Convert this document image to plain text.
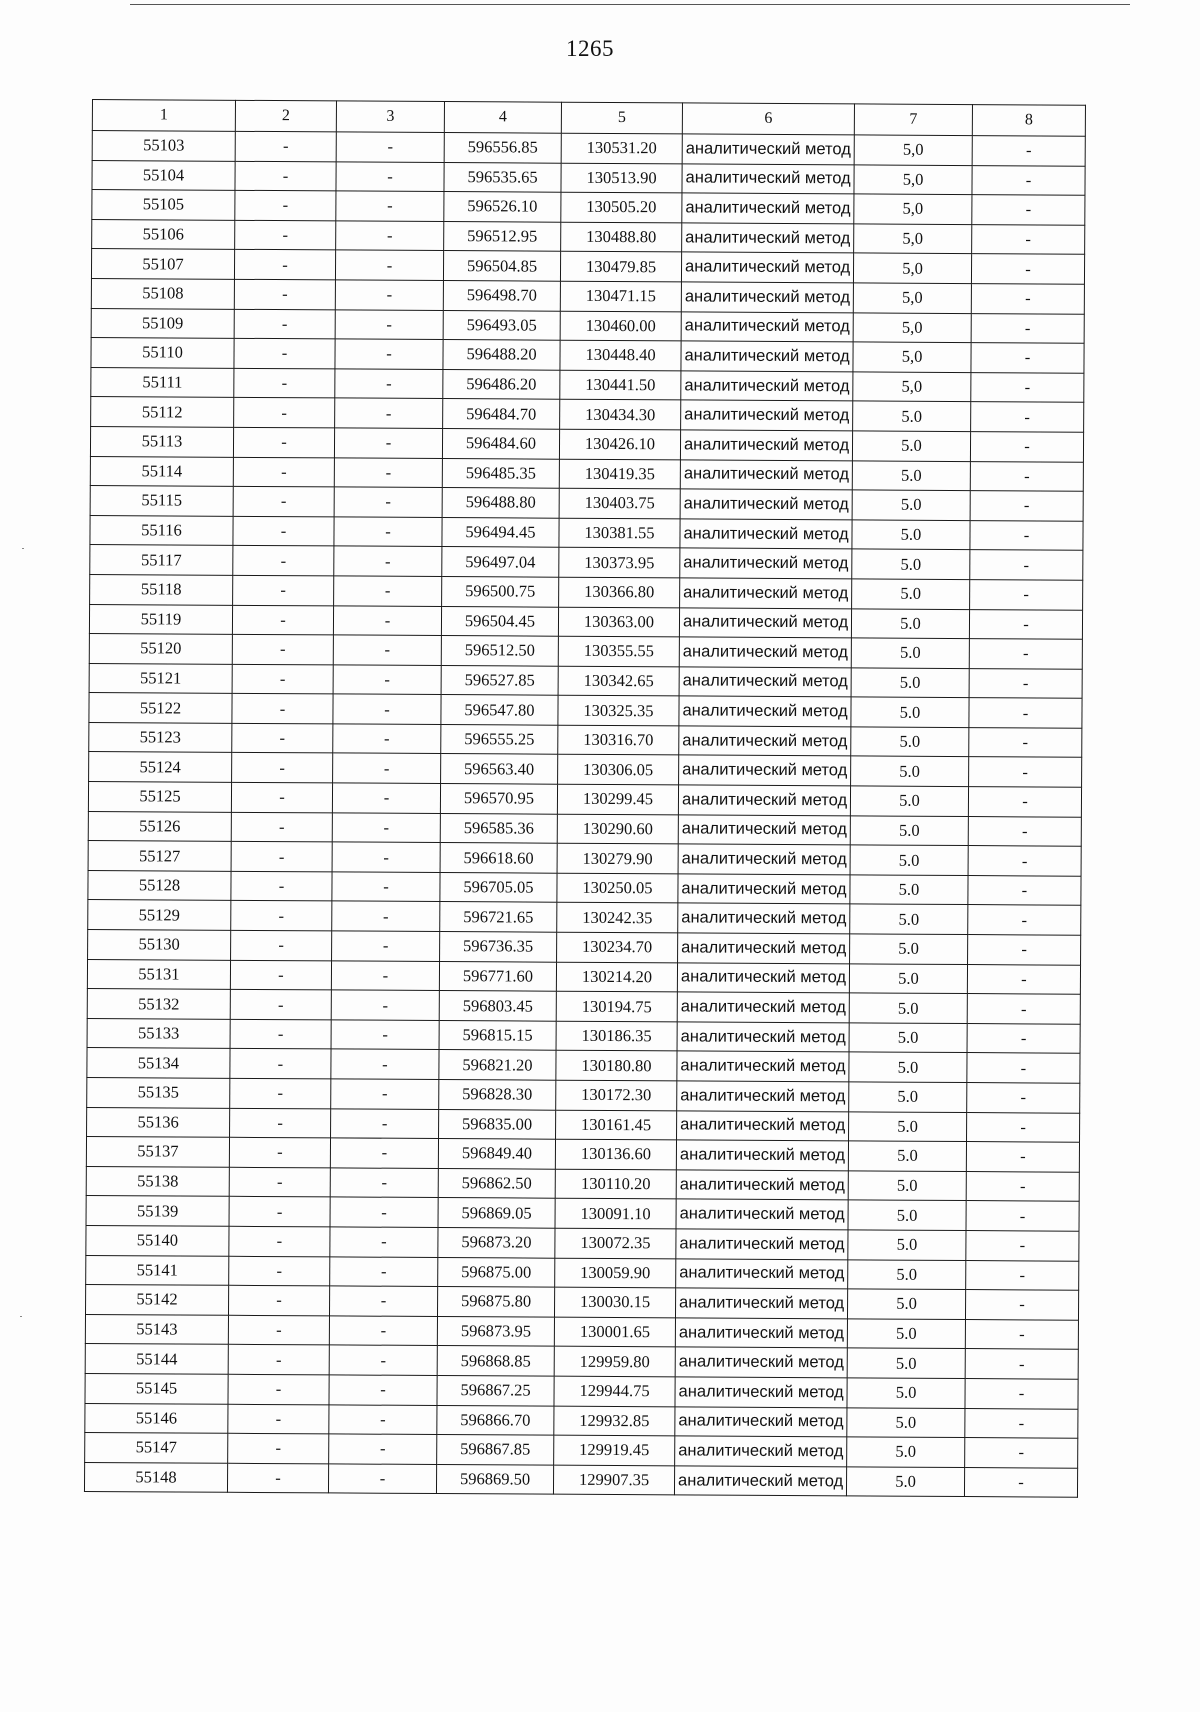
1265
1	2	3	4	5	6	7	8
55103	-	-	596556.85	130531.20	аналитический метод	5,0	-
55104	-	-	596535.65	130513.90	аналитический метод	5,0	-
55105	-	-	596526.10	130505.20	аналитический метод	5,0	-
55106	-	-	596512.95	130488.80	аналитический метод	5,0	-
55107	-	-	596504.85	130479.85	аналитический метод	5,0	-
55108	-	-	596498.70	130471.15	аналитический метод	5,0	-
55109	-	-	596493.05	130460.00	аналитический метод	5,0	-
55110	-	-	596488.20	130448.40	аналитический метод	5,0	-
55111	-	-	596486.20	130441.50	аналитический метод	5,0	-
55112	-	-	596484.70	130434.30	аналитический метод	5.0	-
55113	-	-	596484.60	130426.10	аналитический метод	5.0	-
55114	-	-	596485.35	130419.35	аналитический метод	5.0	-
55115	-	-	596488.80	130403.75	аналитический метод	5.0	-
55116	-	-	596494.45	130381.55	аналитический метод	5.0	-
55117	-	-	596497.04	130373.95	аналитический метод	5.0	-
55118	-	-	596500.75	130366.80	аналитический метод	5.0	-
55119	-	-	596504.45	130363.00	аналитический метод	5.0	-
55120	-	-	596512.50	130355.55	аналитический метод	5.0	-
55121	-	-	596527.85	130342.65	аналитический метод	5.0	-
55122	-	-	596547.80	130325.35	аналитический метод	5.0	-
55123	-	-	596555.25	130316.70	аналитический метод	5.0	-
55124	-	-	596563.40	130306.05	аналитический метод	5.0	-
55125	-	-	596570.95	130299.45	аналитический метод	5.0	-
55126	-	-	596585.36	130290.60	аналитический метод	5.0	-
55127	-	-	596618.60	130279.90	аналитический метод	5.0	-
55128	-	-	596705.05	130250.05	аналитический метод	5.0	-
55129	-	-	596721.65	130242.35	аналитический метод	5.0	-
55130	-	-	596736.35	130234.70	аналитический метод	5.0	-
55131	-	-	596771.60	130214.20	аналитический метод	5.0	-
55132	-	-	596803.45	130194.75	аналитический метод	5.0	-
55133	-	-	596815.15	130186.35	аналитический метод	5.0	-
55134	-	-	596821.20	130180.80	аналитический метод	5.0	-
55135	-	-	596828.30	130172.30	аналитический метод	5.0	-
55136	-	-	596835.00	130161.45	аналитический метод	5.0	-
55137	-	-	596849.40	130136.60	аналитический метод	5.0	-
55138	-	-	596862.50	130110.20	аналитический метод	5.0	-
55139	-	-	596869.05	130091.10	аналитический метод	5.0	-
55140	-	-	596873.20	130072.35	аналитический метод	5.0	-
55141	-	-	596875.00	130059.90	аналитический метод	5.0	-
55142	-	-	596875.80	130030.15	аналитический метод	5.0	-
55143	-	-	596873.95	130001.65	аналитический метод	5.0	-
55144	-	-	596868.85	129959.80	аналитический метод	5.0	-
55145	-	-	596867.25	129944.75	аналитический метод	5.0	-
55146	-	-	596866.70	129932.85	аналитический метод	5.0	-
55147	-	-	596867.85	129919.45	аналитический метод	5.0	-
55148	-	-	596869.50	129907.35	аналитический метод	5.0	-
